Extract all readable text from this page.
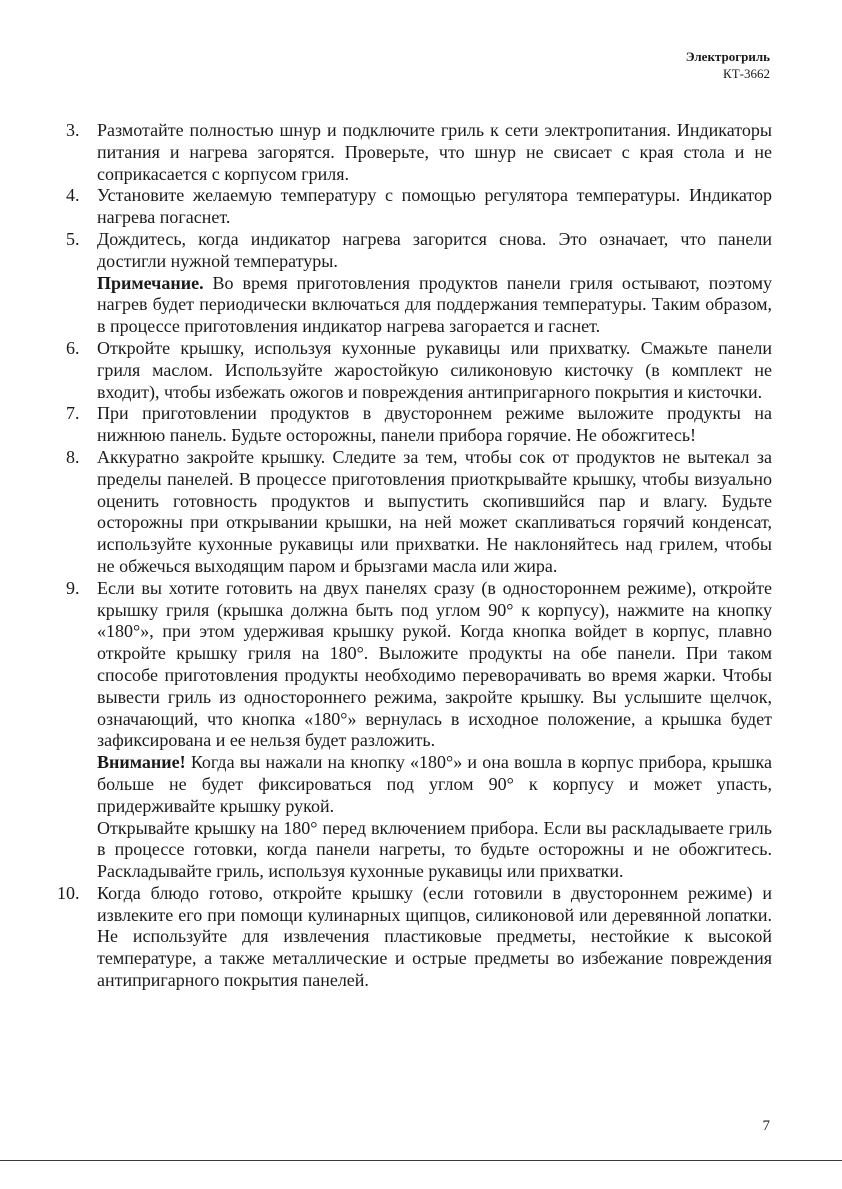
Электрогриль
КТ-3662
3. Размотайте полностью шнур и подключите гриль к сети электропитания. Индикаторы питания и нагрева загорятся. Проверьте, что шнур не свисает с края стола и не соприкасается с корпусом гриля.
4. Установите желаемую температуру с помощью регулятора температуры. Индикатор нагрева погаснет.
5. Дождитесь, когда индикатор нагрева загорится снова. Это означает, что панели достигли нужной температуры.
Примечание. Во время приготовления продуктов панели гриля остывают, поэтому нагрев будет периодически включаться для поддержания температуры. Таким образом, в процессе приготовления индикатор нагрева загорается и гаснет.
6. Откройте крышку, используя кухонные рукавицы или прихватку. Смажьте панели гриля маслом. Используйте жаростойкую силиконовую кисточку (в комплект не входит), чтобы избежать ожогов и повреждения антипригарного покрытия и кисточки.
7. При приготовлении продуктов в двустороннем режиме выложите продукты на нижнюю панель. Будьте осторожны, панели прибора горячие. Не обожгитесь!
8. Аккуратно закройте крышку. Следите за тем, чтобы сок от продуктов не вытекал за пределы панелей. В процессе приготовления приоткрывайте крышку, чтобы визуально оценить готовность продуктов и выпустить скопившийся пар и влагу. Будьте осторожны при открывании крышки, на ней может скапливаться горячий конденсат, используйте кухонные рукавицы или прихватки. Не наклоняйтесь над грилем, чтобы не обжечься выходящим паром и брызгами масла или жира.
9. Если вы хотите готовить на двух панелях сразу (в одностороннем режиме), откройте крышку гриля (крышка должна быть под углом 90° к корпусу), нажмите на кнопку «180°», при этом удерживая крышку рукой. Когда кнопка войдет в корпус, плавно откройте крышку гриля на 180°. Выложите продукты на обе панели. При таком способе приготовления продукты необходимо переворачивать во время жарки. Чтобы вывести гриль из одностороннего режима, закройте крышку. Вы услышите щелчок, означающий, что кнопка «180°» вернулась в исходное положение, а крышка будет зафиксирована и ее нельзя будет разложить.
Внимание! Когда вы нажали на кнопку «180°» и она вошла в корпус прибора, крышка больше не будет фиксироваться под углом 90° к корпусу и может упасть, придерживайте крышку рукой.
Открывайте крышку на 180° перед включением прибора. Если вы раскладываете гриль в процессе готовки, когда панели нагреты, то будьте осторожны и не обожгитесь. Раскладывайте гриль, используя кухонные рукавицы или прихватки.
10. Когда блюдо готово, откройте крышку (если готовили в двустороннем режиме) и извлеките его при помощи кулинарных щипцов, силиконовой или деревянной лопатки. Не используйте для извлечения пластиковые предметы, нестойкие к высокой температуре, а также металлические и острые предметы во избежание повреждения антипригарного покрытия панелей.
7
